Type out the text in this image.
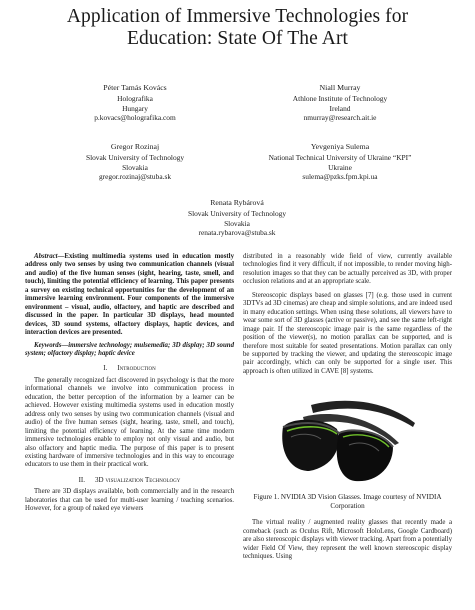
Application of Immersive Technologies for
Education: State Of The Art
Péter Tamás Kovács
Holografika
Hungary
p.kovacs@holografika.com
Niall Murray
Athlone Institute of Technology
Ireland
nmurray@research.ait.ie
Gregor Rozinaj
Slovak University of Technology
Slovakia
gregor.rozinaj@stuba.sk
Yevgeniya Sulema
National Technical University of Ukraine “KPI”
Ukraine
sulema@pzks.fpm.kpi.ua
Renata Rybárová
Slovak University of Technology
Slovakia
renata.rybarova@stuba.sk

Abstract—Existing multimedia systems used in education mostly address only two senses by using two communication channels (visual and audio) of the five human senses (sight, hearing, taste, smell, and touch), limiting the potential efficiency of learning. This paper presents a survey on existing technical opportunities for the development of an immersive learning environment. Four components of the immersive environment – visual, audio, olfactory, and haptic are described and discussed in the paper. In particular 3D displays, head mounted devices, 3D sound systems, olfactory displays, haptic devices, and interaction devices are presented.

Keywords—immersive technology; mulsemedia; 3D display; 3D sound system; olfactory display; haptic device

I. Introduction

The generally recognized fact discovered in psychology is that the more informational channels we involve into communication process in education, the better perception of the information by a learner can be achieved. However existing multimedia systems used in education mostly address only two senses by using two communication channels (visual and audio) of the five human senses (sight, hearing, taste, smell, and touch), limiting the potential efficiency of learning. At the same time modern immersive technologies enable to employ not only visual and audio, but also olfactory and haptic media. The purpose of this paper is to present existing hardware of immersive technologies and in this way to encourage educators to use them in their practical work.

II. 3D visualization Technology

There are 3D displays available, both commercially and in the research laboratories that can be used for multi-user learning / teaching scenarios. However, for a group of naked eye viewers

distributed in a reasonably wide field of view, currently available technologies find it very difficult, if not impossible, to render moving high-resolution images so that they can be actually perceived as 3D, with proper occlusion relations and at an appropriate scale.

Stereoscopic displays based on glasses [7] (e.g. those used in current 3DTVs ad 3D cinemas) are cheap and simple solutions, and are indeed used in many education settings. When using these solutions, all viewers have to wear some sort of 3D glasses (active or passive), and see the same left-right image pair. If the stereoscopic image pair is the same regardless of the position of the viewer(s), no motion parallax can be supported, and is therefore most suitable for seated presentations. Motion parallax can only be supported by tracking the viewer, and updating the stereoscopic image pair accordingly, which can only be supported for a single user. This approach is often utilized in CAVE [8] systems.

Figure 1. NVIDIA 3D Vision Glasses. Image courtesy of NVIDIA Corporation

The virtual reality / augmented reality glasses that recently made a comeback (such as Oculus Rift, Microsoft HoloLens, Google Cardboard) are also stereoscopic displays with viewer tracking. Apart from a potentially wider Field Of View, they represent the well known stereoscopic display techniques. Using
